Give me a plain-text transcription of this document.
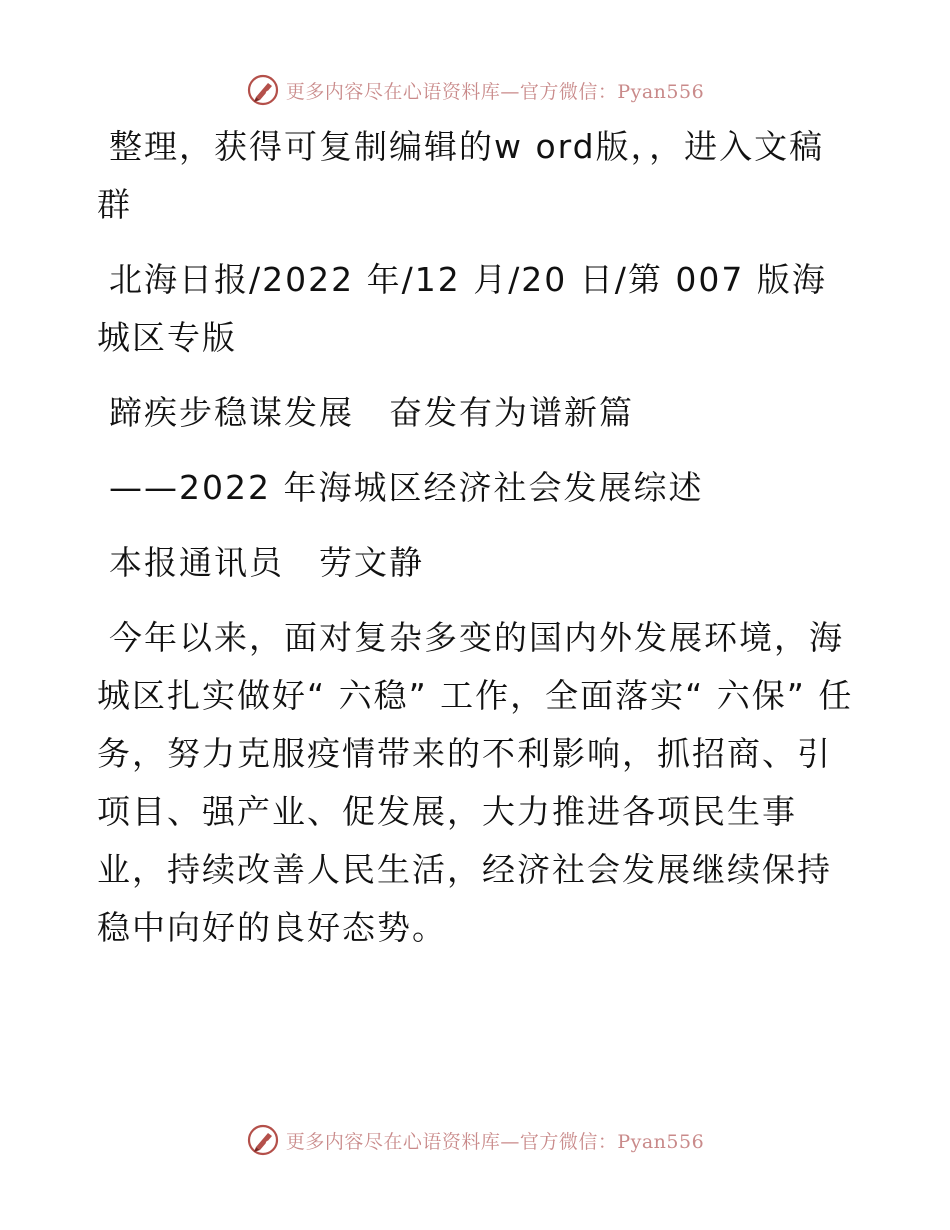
更多内容尽在心语资料库—官方微信：Pyan556

整理，获得可复制编辑的w ord版，，进入文稿群

北海日报/2022 年/12 月/20 日/第 007 版海城区专版

蹄疾步稳谋发展　奋发有为谱新篇

——2022 年海城区经济社会发展综述

本报通讯员　劳文静

今年以来，面对复杂多变的国内外发展环境，海城区扎实做好“ 六稳” 工作，全面落实“ 六保” 任务，努力克服疫情带来的不利影响，抓招商、引项目、强产业、促发展，大力推进各项民生事业，持续改善人民生活，经济社会发展继续保持稳中向好的良好态势。

更多内容尽在心语资料库—官方微信：Pyan556
